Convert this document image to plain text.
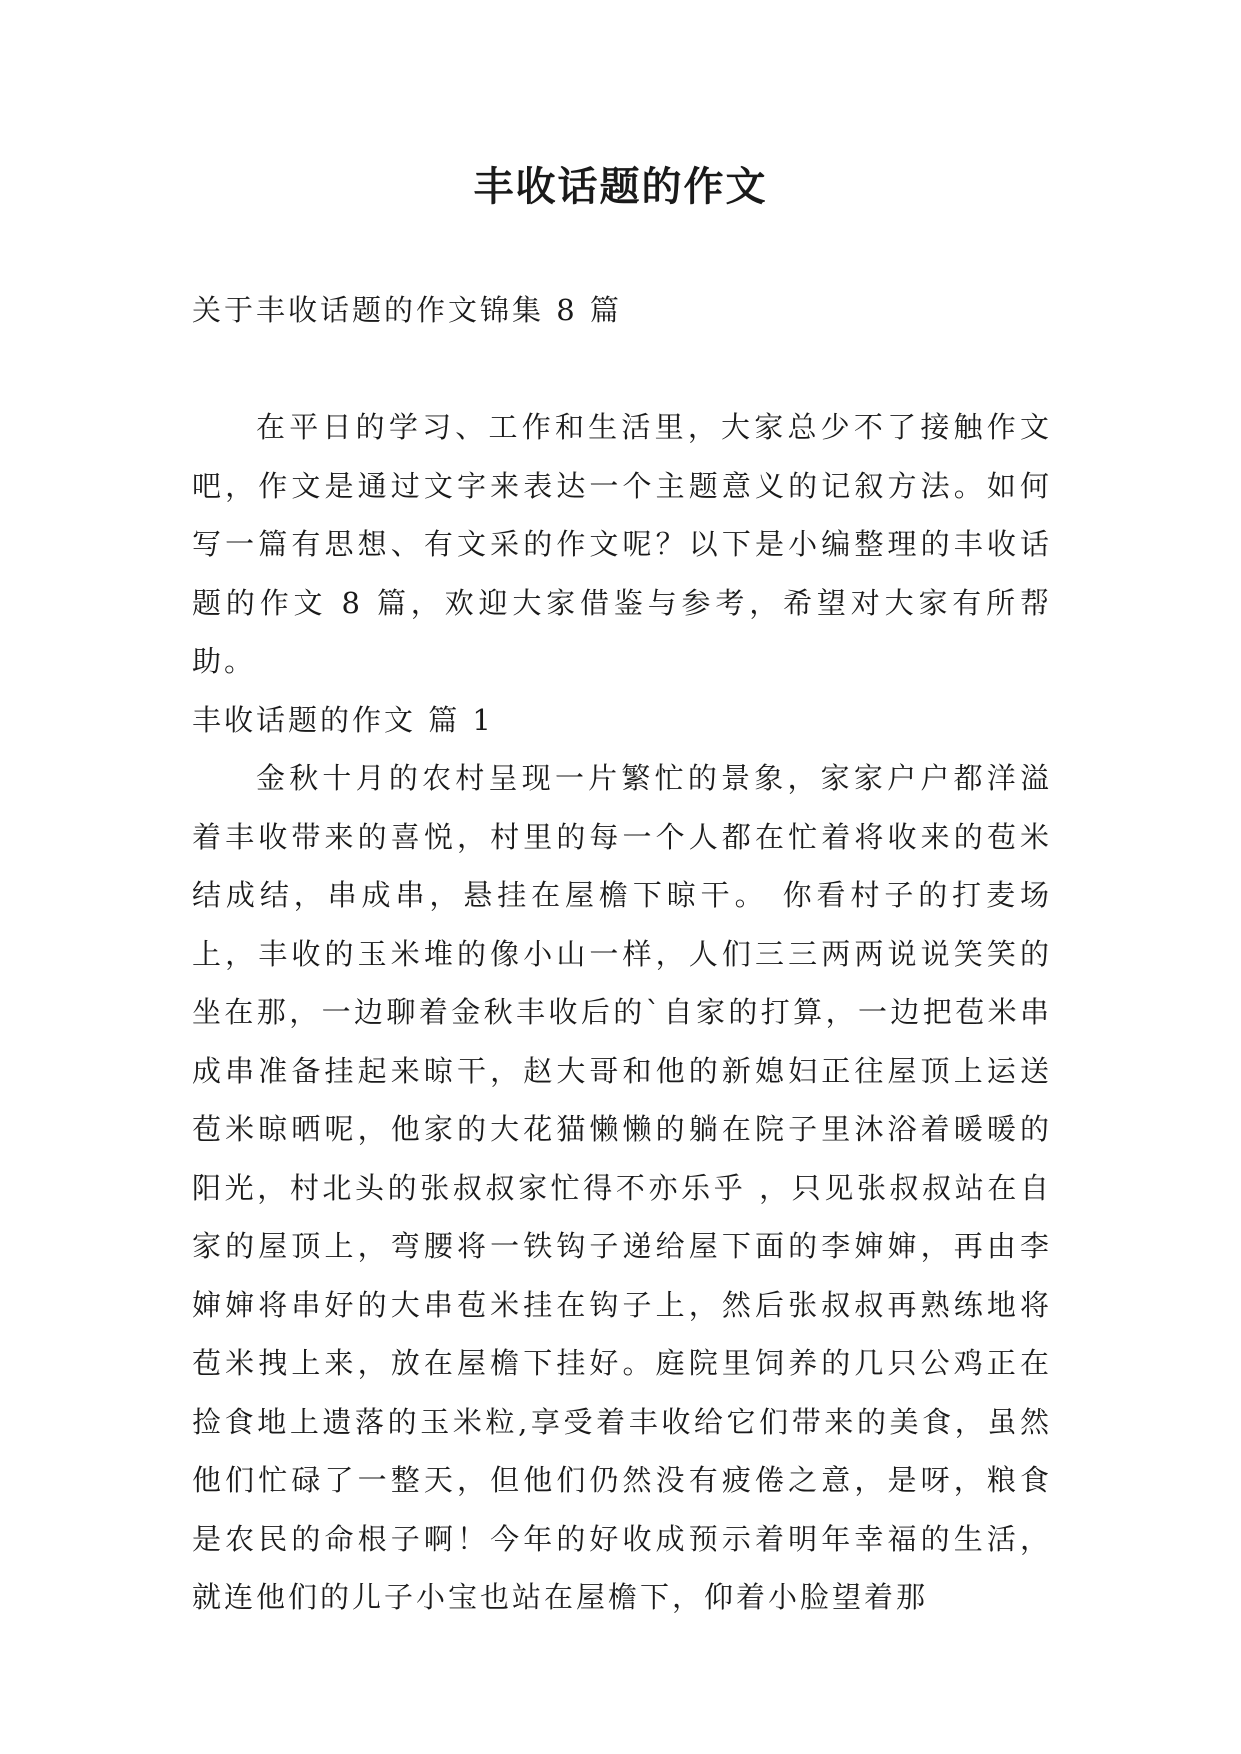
丰收话题的作文

关于丰收话题的作文锦集 8 篇

在平日的学习、工作和生活里，大家总少不了接触作文吧，作文是通过文字来表达一个主题意义的记叙方法。如何写一篇有思想、有文采的作文呢？以下是小编整理的丰收话题的作文 8 篇，欢迎大家借鉴与参考，希望对大家有所帮助。

丰收话题的作文 篇 1

金秋十月的农村呈现一片繁忙的景象，家家户户都洋溢着丰收带来的喜悦，村里的每一个人都在忙着将收来的苞米结成结，串成串，悬挂在屋檐下晾干。 你看村子的打麦场上，丰收的玉米堆的像小山一样，人们三三两两说说笑笑的坐在那，一边聊着金秋丰收后的`自家的打算，一边把苞米串成串准备挂起来晾干，赵大哥和他的新媳妇正往屋顶上运送苞米晾晒呢，他家的大花猫懒懒的躺在院子里沐浴着暖暖的阳光，村北头的张叔叔家忙得不亦乐乎 ，只见张叔叔站在自家的屋顶上，弯腰将一铁钩子递给屋下面的李婶婶，再由李婶婶将串好的大串苞米挂在钩子上，然后张叔叔再熟练地将苞米拽上来，放在屋檐下挂好。庭院里饲养的几只公鸡正在捡食地上遗落的玉米粒,享受着丰收给它们带来的美食，虽然他们忙碌了一整天，但他们仍然没有疲倦之意，是呀，粮食是农民的命根子啊！今年的好收成预示着明年幸福的生活，就连他们的儿子小宝也站在屋檐下，仰着小脸望着那
